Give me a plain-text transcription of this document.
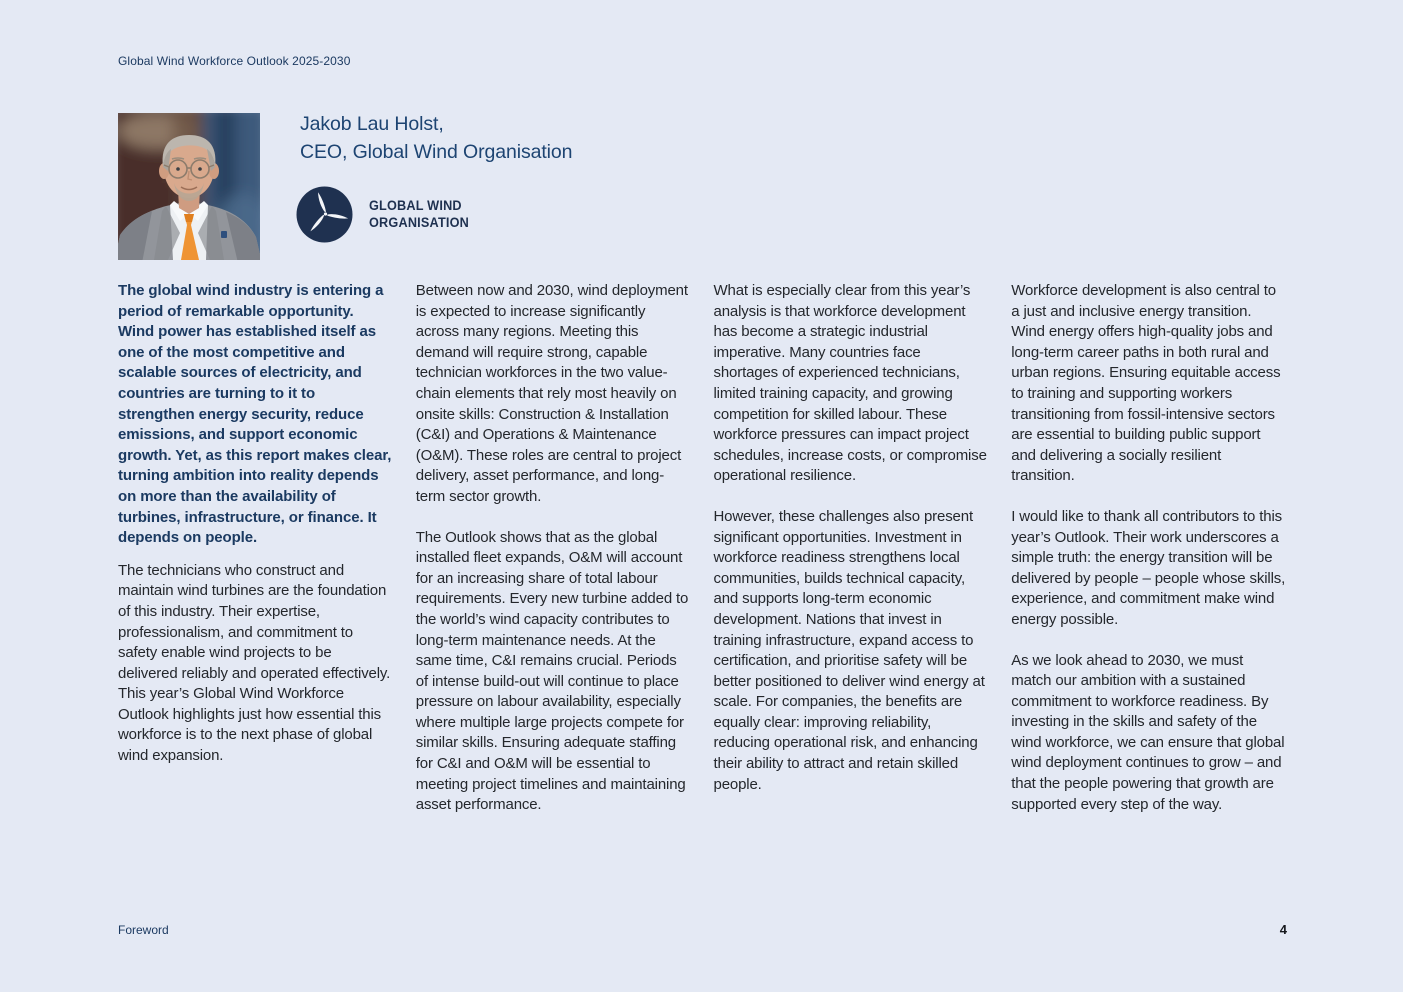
Global Wind Workforce Outlook 2025-2030
Jakob Lau Holst,
CEO, Global Wind Organisation
GLOBAL WIND
ORGANISATION

The global wind industry is entering a period of remarkable opportunity. Wind power has established itself as one of the most competitive and scalable sources of electricity, and countries are turning to it to strengthen energy security, reduce emissions, and support economic growth. Yet, as this report makes clear, turning ambition into reality depends on more than the availability of turbines, infrastructure, or finance. It depends on people.

The technicians who construct and maintain wind turbines are the foundation of this industry. Their expertise, professionalism, and commitment to safety enable wind projects to be delivered reliably and operated effectively. This year’s Global Wind Workforce Outlook highlights just how essential this workforce is to the next phase of global wind expansion.

Between now and 2030, wind deployment is expected to increase significantly across many regions. Meeting this demand will require strong, capable technician workforces in the two value-chain elements that rely most heavily on onsite skills: Construction & Installation (C&I) and Operations & Maintenance (O&M). These roles are central to project delivery, asset performance, and long-term sector growth.

The Outlook shows that as the global installed fleet expands, O&M will account for an increasing share of total labour requirements. Every new turbine added to the world’s wind capacity contributes to long-term maintenance needs. At the same time, C&I remains crucial. Periods of intense build-out will continue to place pressure on labour availability, especially where multiple large projects compete for similar skills. Ensuring adequate staffing for C&I and O&M will be essential to meeting project timelines and maintaining asset performance.

What is especially clear from this year’s analysis is that workforce development has become a strategic industrial imperative. Many countries face shortages of experienced technicians, limited training capacity, and growing competition for skilled labour. These workforce pressures can impact project schedules, increase costs, or compromise operational resilience.

However, these challenges also present significant opportunities. Investment in workforce readiness strengthens local communities, builds technical capacity, and supports long-term economic development. Nations that invest in training infrastructure, expand access to certification, and prioritise safety will be better positioned to deliver wind energy at scale. For companies, the benefits are equally clear: improving reliability, reducing operational risk, and enhancing their ability to attract and retain skilled people.

Workforce development is also central to a just and inclusive energy transition. Wind energy offers high-quality jobs and long-term career paths in both rural and urban regions. Ensuring equitable access to training and supporting workers transitioning from fossil-intensive sectors are essential to building public support and delivering a socially resilient transition.

I would like to thank all contributors to this year’s Outlook. Their work underscores a simple truth: the energy transition will be delivered by people – people whose skills, experience, and commitment make wind energy possible.

As we look ahead to 2030, we must match our ambition with a sustained commitment to workforce readiness. By investing in the skills and safety of the wind workforce, we can ensure that global wind deployment continues to grow – and that the people powering that growth are supported every step of the way.

Foreword	4
